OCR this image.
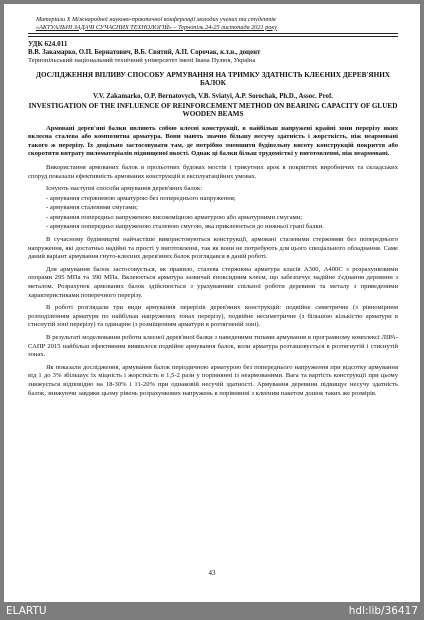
Матеріали Х Міжнародної науково-практичної конференції молодих учених та студентів
«АКТУАЛЬНІ ЗАДАЧІ СУЧАСНИХ ТЕХНОЛОГІЙ» – Тернопіль 24-25 листопада 2021 року
УДК 624.011
В.В. Закамарко, О.П. Бернатович, В.Б. Святий, А.П. Сорочак, к.т.н., доцент
Тернопільський національний технічний університет імені Івана Пулюя, Україна
ДОСЛІДЖЕННЯ ВПЛИВУ СПОСОБУ АРМУВАННЯ НА ТРИМКУ ЗДАТНІСТЬ КЛЕЄНИХ ДЕРЕВ'ЯНИХ БАЛОК
V.V. Zakamarko, O.P. Bernatovych, V.B. Sviatyi, A.P. Sorochak, Ph.D., Assoc. Prof.
INVESTIGATION OF THE INFLUENCE OF REINFORCEMENT METHOD ON BEARING CAPACITY OF GLUED WOODEN BEAMS
Армовані дерев'яні балки являють собою клеєні конструкції, в найбільш напружені крайні зони перерізу яких вклеєна сталева або композитна арматура. Вони мають значно більшу несучу здатність і жорсткість, ніж неармовані такого ж перерізу. Їх доцільно застосовувати там, де потрібно зменшити будівельну висоту конструкцій покриття або скоротити витрату пиломатеріалів підвищеної якості. Однак ці балки більш трудомісткі у виготовленні, ніж неармовані.

Використання армованих балок в прольотних будовах мостів і трикутних арок в покриттях виробничих та складських споруд показали ефективність армованих конструкцій в експлуатаційних умовах.

Існують наступні способи армування дерев'яних балок:

- армування стержневою арматурою без попереднього напруження;
- армування сталевими смугами;
- армування попередньо напруженою високоміцною арматурою або арматурними смугами;
- армування попередньо напруженою сталевою смугою, яка приклеюється до нижньої грані балки.

В сучасному будівництві найчастіше використовуються конструкції, армовані сталевими стержнями без попереднього напруження, які достатньо надійні та прості у виготовленні, так як вони не потребують для цього спеціального обладнання. Саме даний варіант армування гнуто-клеєних дерев'яних балок розглядався в даній роботі.

Для армування балок застосовується, як правило, сталева стержнева арматура класів А300, А400С з розрахунковими опорами 295 МПа та 390 МПа. Вклеюється арматура зазвичай епоксидним клеєм, що забезпечує надійне з'єднання деревини з металом. Розрахунок армованих балок здійснюється з урахуванням спільної роботи деревини та металу з приведеними характеристиками поперечного перерізу.

В роботі розглядали три види армування перерізів дерев'яних конструкцій: подвійне симетричне (з рівномірним розподіленням арматури по найбільш напружених зонах перерізу), подвійне несиметричне (з більшою кількістю арматури в стиснутій зоні перерізу) та одинарне (з розміщенням арматури в розтягненій зоні).

В результаті моделювання роботи клеєної дерев'яної балки з наведеними типами армування в програмному комплексі ЛІРА-САПР 2015 найбільш ефективним виявилося подвійне армування балок, коли арматура розташовується в розтягнутій і стиснутій зонах.

Як показали дослідження, армування балок періодичною арматурою без попереднього напруження при відсотку армування від 1 до 3% збільшує їх міцність і жорсткість в 1,5-2 рази у порівнянні із неармованими. Вага та вартість конструкції при цьому знижується відповідно на 18-30% і 11-20% при однаковій несучій здатності. Армування деревини підвищує несучу здатність балок, знижуючи завдяки цьому рівень розрахункових напружень в порівнянні з клееним пакетом дошок таких же розмірів.

43
ELARTU	hdl:lib/36417
